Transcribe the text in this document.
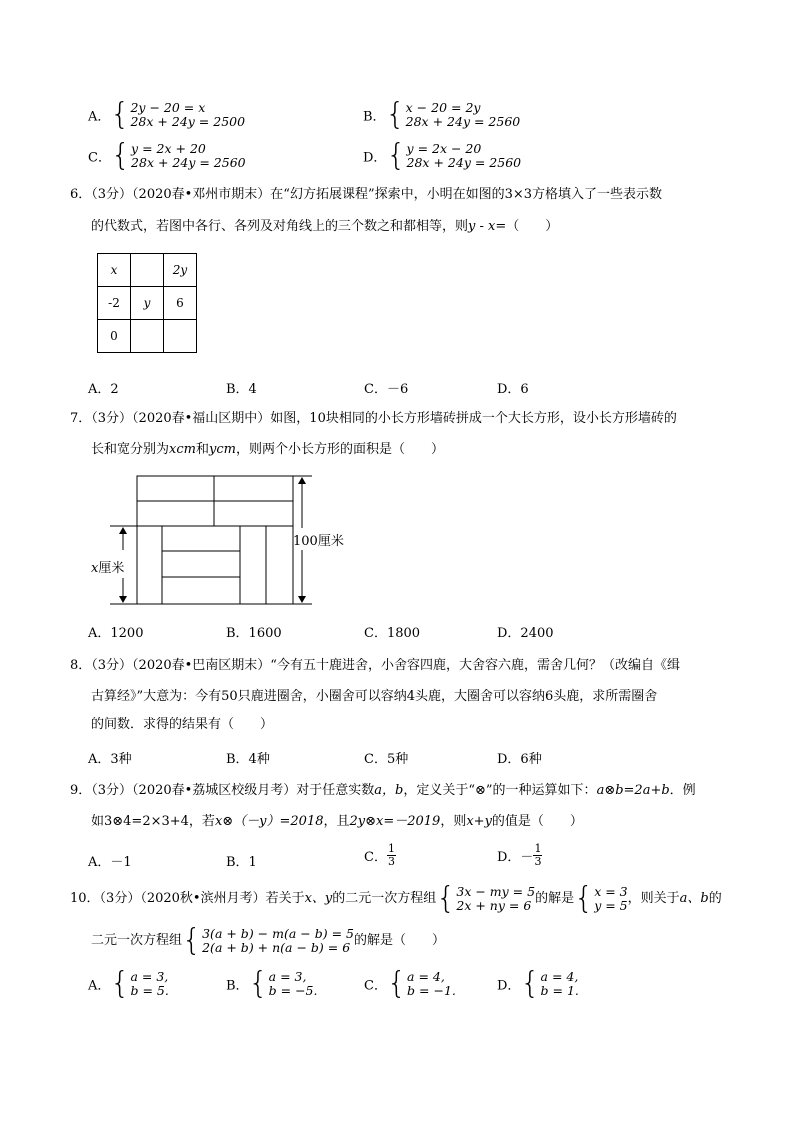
A． { 2y − 20 = x
28x + 24y = 2500	B． { x − 20 = 2y
28x + 24y = 2560
C． { y = 2x + 20
28x + 24y = 2560	D． { y = 2x − 20
28x + 24y = 2560
6．（3分）（2020春•邓州市期末）在“幻方拓展课程”探索中，小明在如图的3×3方格填入了一些表示数
的代数式，若图中各行、各列及对角线上的三个数之和都相等，则y - x=（　　）
x		2y
-2	y	6
0		
A．2	B．4	C．－6	D．6
7．（3分）（2020春•福山区期中）如图，10块相同的小长方形墙砖拼成一个大长方形，设小长方形墙砖的
长和宽分别为xcm和ycm，则两个小长方形的面积是（　　）
x厘米
100厘米
A．1200	B．1600	C．1800	D．2400
8．（3分）（2020春•巴南区期末）“今有五十鹿进舍，小舍容四鹿，大舍容六鹿，需舍几何？（改编自《缉
古算经》”大意为：今有50只鹿进圈舍，小圈舍可以容纳4头鹿，大圈舍可以容纳6头鹿，求所需圈舍
的间数．求得的结果有（　　）
A．3种	B．4种	C．5种	D．6种
9．（3分）（2020春•荔城区校级月考）对于任意实数a，b，定义关于“⊗”的一种运算如下：a⊗b=2a+b．例
如3⊗4=2×3+4，若x⊗（－y）=2018，且2y⊗x=－2019，则x+y的值是（　　）
A．－1	B．1	C． $\frac{1}{3}$	D．－ $\frac{1}{3}$
10．（3分）（2020秋•滨州月考）若关于x、y的二元一次方程组 { 3x − my = 5
2x + ny = 6 的解是 { x = 3
y = 5 ，则关于a、b的
二元一次方程组 { 3(a + b) − m(a − b) = 5
2(a + b) + n(a − b) = 6 的解是（　　）
A． { a = 3,
b = 5.	B． { a = 3,
b = −5.	C． { a = 4,
b = −1.	D． { a = 4,
b = 1.
